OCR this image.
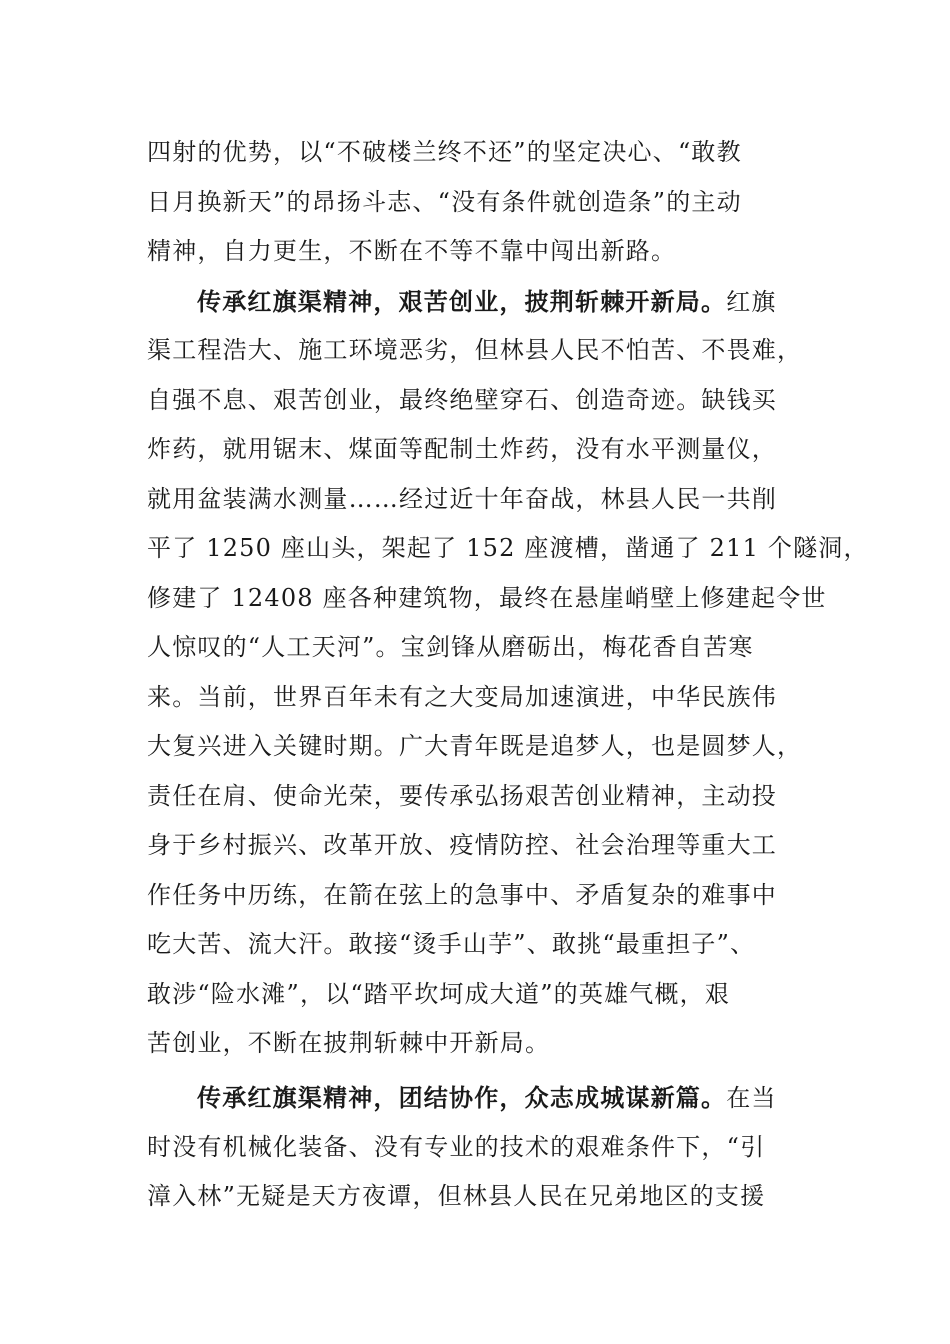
四射的优势，以“不破楼兰终不还”的坚定决心、“敢教
日月换新天”的昂扬斗志、“没有条件就创造条”的主动
精神，自力更生，不断在不等不靠中闯出新路。
传承红旗渠精神，艰苦创业，披荆斩棘开新局。红旗
渠工程浩大、施工环境恶劣，但林县人民不怕苦、不畏难，
自强不息、艰苦创业，最终绝壁穿石、创造奇迹。缺钱买
炸药，就用锯末、煤面等配制土炸药，没有水平测量仪，
就用盆装满水测量……经过近十年奋战，林县人民一共削
平了 1250 座山头，架起了 152 座渡槽，凿通了 211 个隧洞，
修建了 12408 座各种建筑物，最终在悬崖峭壁上修建起令世
人惊叹的“人工天河”。宝剑锋从磨砺出，梅花香自苦寒
来。当前，世界百年未有之大变局加速演进，中华民族伟
大复兴进入关键时期。广大青年既是追梦人，也是圆梦人，
责任在肩、使命光荣，要传承弘扬艰苦创业精神，主动投
身于乡村振兴、改革开放、疫情防控、社会治理等重大工
作任务中历练，在箭在弦上的急事中、矛盾复杂的难事中
吃大苦、流大汗。敢接“烫手山芋”、敢挑“最重担子”、
敢涉“险水滩”，以“踏平坎坷成大道”的英雄气概，艰
苦创业，不断在披荆斩棘中开新局。
传承红旗渠精神，团结协作，众志成城谋新篇。在当
时没有机械化装备、没有专业的技术的艰难条件下，“引
漳入林”无疑是天方夜谭，但林县人民在兄弟地区的支援
